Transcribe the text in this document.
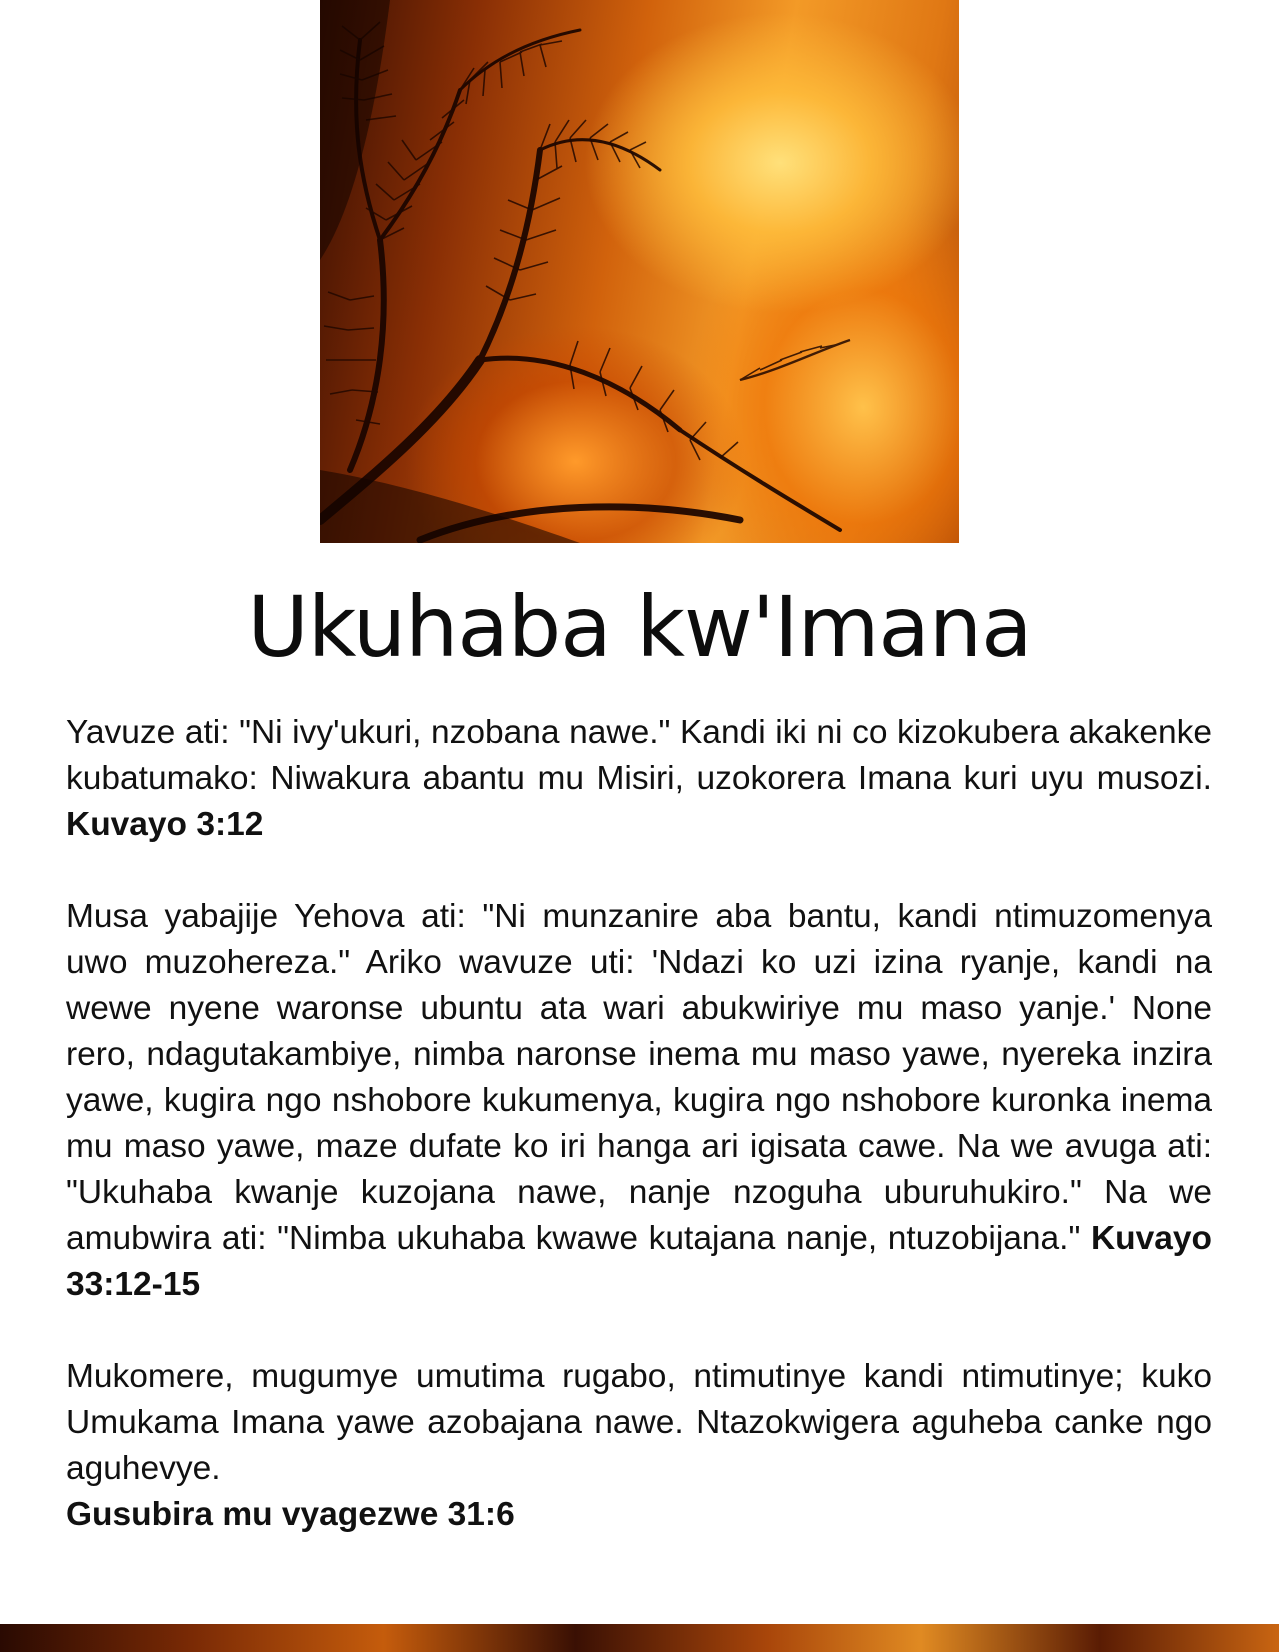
Ukuhaba kw'Imana

Yavuze ati: "Ni ivy'ukuri, nzobana nawe." Kandi iki ni co kizokubera akakenke kubatumako: Niwakura abantu mu Misiri, uzokorera Imana kuri uyu musozi. Kuvayo 3:12

Musa yabajije Yehova ati: "Ni munzanire aba bantu, kandi ntimuzomenya uwo muzohereza." Ariko wavuze uti: 'Ndazi ko uzi izina ryanje, kandi na wewe nyene waronse ubuntu ata wari abukwiriye mu maso yanje.' None rero, ndagutakambiye, nimba naronse inema mu maso yawe, nyereka inzira yawe, kugira ngo nshobore kukumenya, kugira ngo nshobore kuronka inema mu maso yawe, maze dufate ko iri hanga ari igisata cawe. Na we avuga ati: "Ukuhaba kwanje kuzojana nawe, nanje nzoguha uburuhukiro." Na we amubwira ati: "Nimba ukuhaba kwawe kutajana nanje, ntuzobijana." Kuvayo 33:12-15

Mukomere, mugumye umutima rugabo, ntimutinye kandi ntimutinye; kuko Umukama Imana yawe azobajana nawe. Ntazokwigera aguheba canke ngo aguhevye.
Gusubira mu vyagezwe 31:6
